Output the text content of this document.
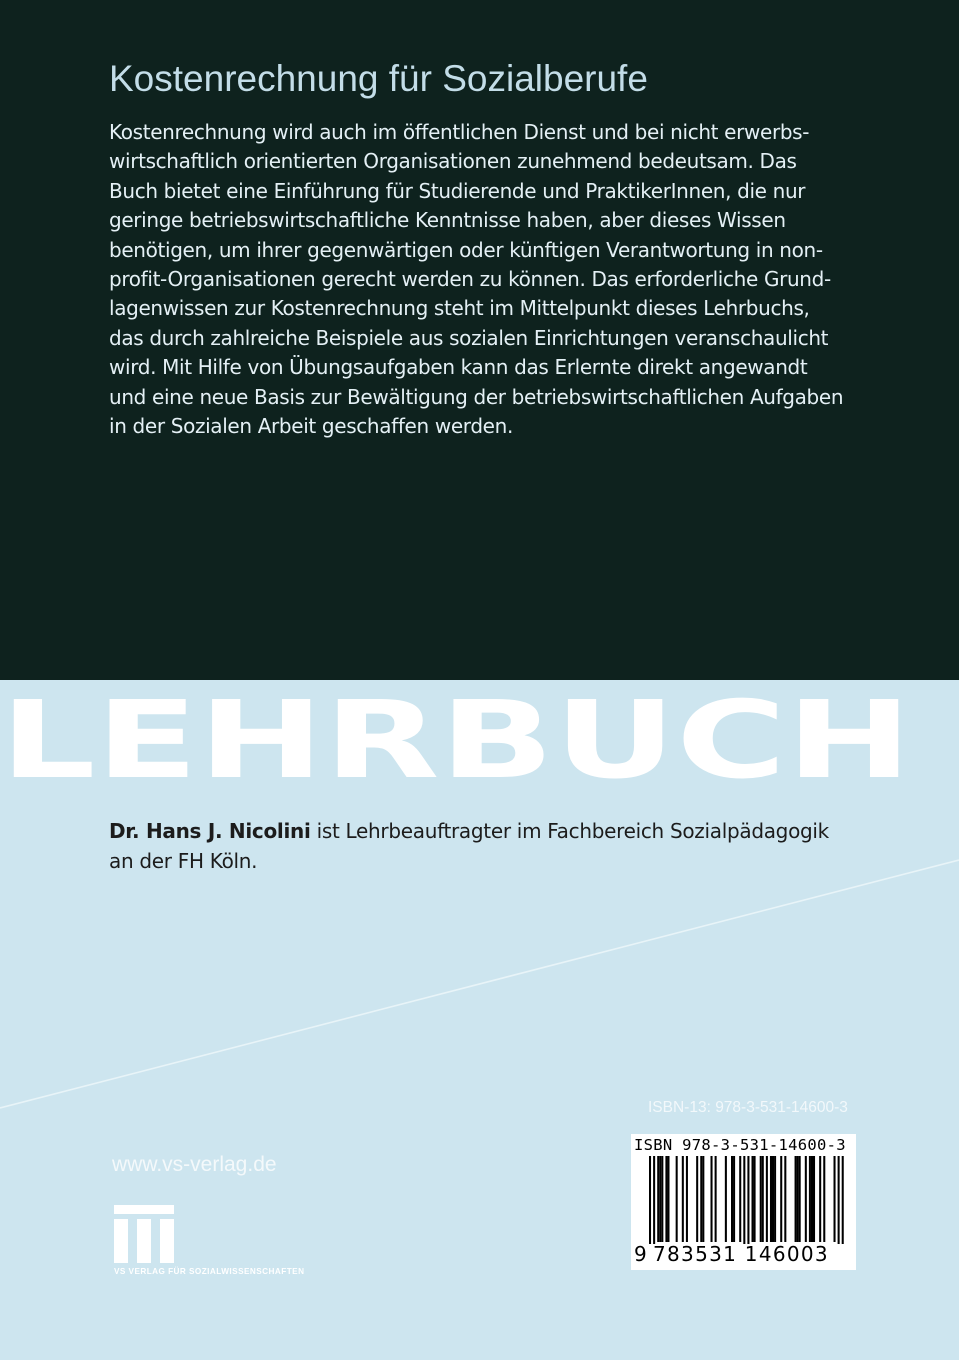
Kostenrechnung für Sozialberufe
Kostenrechnung wird auch im öffentlichen Dienst und bei nicht erwerbs-
wirtschaftlich orientierten Organisationen zunehmend bedeutsam. Das
Buch bietet eine Einführung für Studierende und PraktikerInnen, die nur
geringe betriebswirtschaftliche Kenntnisse haben, aber dieses Wissen
benötigen, um ihrer gegenwärtigen oder künftigen Verantwortung in non-
profit-Organisationen gerecht werden zu können. Das erforderliche Grund-
lagenwissen zur Kostenrechnung steht im Mittelpunkt dieses Lehrbuchs,
das durch zahlreiche Beispiele aus sozialen Einrichtungen veranschaulicht
wird. Mit Hilfe von Übungsaufgaben kann das Erlernte direkt angewandt
und eine neue Basis zur Bewältigung der betriebswirtschaftlichen Aufgaben
in der Sozialen Arbeit geschaffen werden.
LEHRBUCH
Dr. Hans J. Nicolini ist Lehrbeauftragter im Fachbereich Sozialpädagogik
an der FH Köln.
ISBN-13: 978-3-531-14600-3
www.vs-verlag.de
VS VERLAG FÜR SOZIALWISSENSCHAFTEN
ISBN 978-3-531-14600-3
9 783531 146003
